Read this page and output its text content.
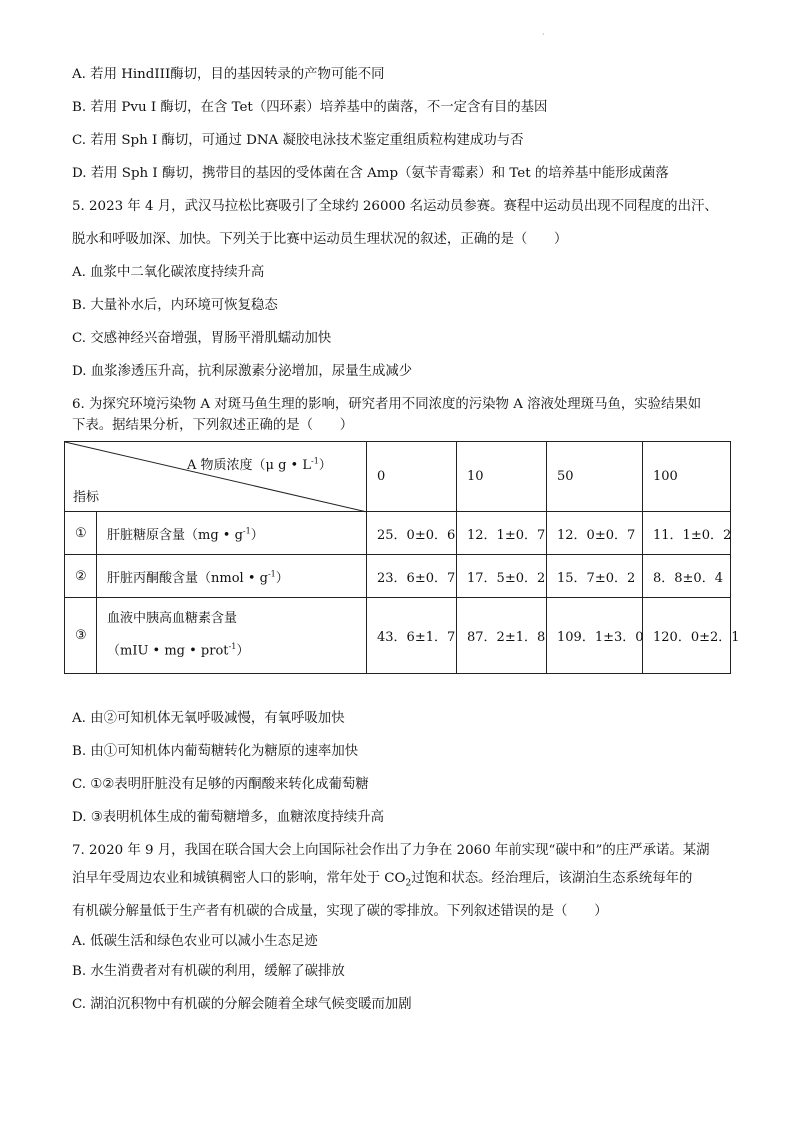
·
A. 若用 HindIII酶切，目的基因转录的产物可能不同
B. 若用 Pvu I 酶切，在含 Tet（四环素）培养基中的菌落，不一定含有目的基因
C. 若用 Sph I 酶切，可通过 DNA 凝胶电泳技术鉴定重组质粒构建成功与否
D. 若用 Sph I 酶切，携带目的基因的受体菌在含 Amp（氨苄青霉素）和 Tet 的培养基中能形成菌落
5. 2023 年 4 月，武汉马拉松比赛吸引了全球约 26000 名运动员参赛。赛程中运动员出现不同程度的出汗、
脱水和呼吸加深、加快。下列关于比赛中运动员生理状况的叙述，正确的是（　　）
A. 血浆中二氧化碳浓度持续升高
B. 大量补水后，内环境可恢复稳态
C. 交感神经兴奋增强，胃肠平滑肌蠕动加快
D. 血浆渗透压升高，抗利尿激素分泌增加，尿量生成减少
6. 为探究环境污染物 A 对斑马鱼生理的影响，研究者用不同浓度的污染物 A 溶液处理斑马鱼，实验结果如
下表。据结果分析，下列叙述正确的是（　　）
A 物质浓度（μ g • $L^{-1}$）
指标		0	10	50	100
①	肝脏糖原含量（mg • $g^{-1}$）	25．0±0．6	12．1±0．7	12．0±0．7	11．1±0．2
②	肝脏丙酮酸含量（nmol • $g^{-1}$）	23．6±0．7	17．5±0．2	15．7±0．2	8．8±0．4
③	血液中胰高血糖素含量
（mIU • mg • prot$^{-1}$）	43．6±1．7	87．2±1．8	109．1±3．0	120．0±2．1
A. 由②可知机体无氧呼吸减慢，有氧呼吸加快
B. 由①可知机体内葡萄糖转化为糖原的速率加快
C. ①②表明肝脏没有足够的丙酮酸来转化成葡萄糖
D. ③表明机体生成的葡萄糖增多，血糖浓度持续升高
7. 2020 年 9 月，我国在联合国大会上向国际社会作出了力争在 2060 年前实现“碳中和”的庄严承诺。某湖
泊早年受周边农业和城镇稠密人口的影响，常年处于 $CO_2$过饱和状态。经治理后，该湖泊生态系统每年的
有机碳分解量低于生产者有机碳的合成量，实现了碳的零排放。下列叙述错误的是（　　）
A. 低碳生活和绿色农业可以减小生态足迹
B. 水生消费者对有机碳的利用，缓解了碳排放
C. 湖泊沉积物中有机碳的分解会随着全球气候变暖而加剧
